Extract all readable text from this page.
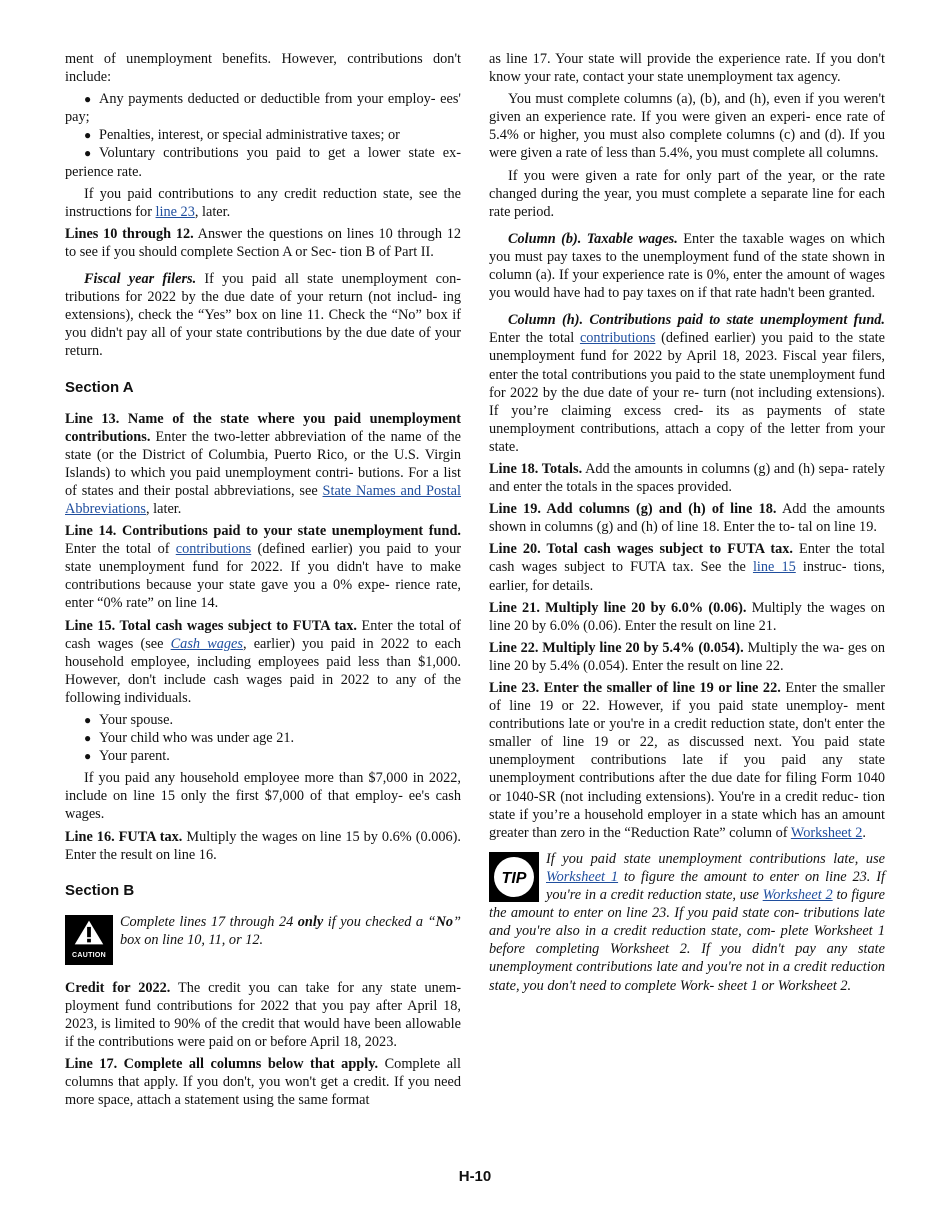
ment of unemployment benefits. However, contributions don't include:

● Any payments deducted or deductible from your employ- ees' pay;
● Penalties, interest, or special administrative taxes; or
● Voluntary contributions you paid to get a lower state ex- perience rate.

If you paid contributions to any credit reduction state, see the instructions for line 23, later.

Lines 10 through 12. Answer the questions on lines 10 through 12 to see if you should complete Section A or Sec- tion B of Part II.

Fiscal year filers. If you paid all state unemployment con- tributions for 2022 by the due date of your return (not includ- ing extensions), check the “Yes” box on line 11. Check the “No” box if you didn't pay all of your state contributions by the due date of your return.

Section A

Line 13. Name of the state where you paid unemployment contributions. Enter the two-letter abbreviation of the name of the state (or the District of Columbia, Puerto Rico, or the U.S. Virgin Islands) to which you paid unemployment contri- butions. For a list of states and their postal abbreviations, see State Names and Postal Abbreviations, later.

Line 14. Contributions paid to your state unemployment fund. Enter the total of contributions (defined earlier) you paid to your state unemployment fund for 2022. If you didn't have to make contributions because your state gave you a 0% expe- rience rate, enter “0% rate” on line 14.

Line 15. Total cash wages subject to FUTA tax. Enter the total of cash wages (see Cash wages, earlier) you paid in 2022 to each household employee, including employees paid less than $1,000. However, don't include cash wages paid in 2022 to any of the following individuals.

● Your spouse.
● Your child who was under age 21.
● Your parent.

If you paid any household employee more than $7,000 in 2022, include on line 15 only the first $7,000 of that employ- ee's cash wages.

Line 16. FUTA tax. Multiply the wages on line 15 by 0.6% (0.006). Enter the result on line 16.

Section B
CAUTION
Complete lines 17 through 24 only if you checked a “No” box on line 10, 11, or 12.

Credit for 2022. The credit you can take for any state unem- ployment fund contributions for 2022 that you pay after April 18, 2023, is limited to 90% of the credit that would have been allowable if the contributions were paid on or before April 18, 2023.

Line 17. Complete all columns below that apply. Complete all columns that apply. If you don't, you won't get a credit. If you need more space, attach a statement using the same format

as line 17. Your state will provide the experience rate. If you don't know your rate, contact your state unemployment tax agency.

You must complete columns (a), (b), and (h), even if you weren't given an experience rate. If you were given an experi- ence rate of 5.4% or higher, you must also complete columns (c) and (d). If you were given a rate of less than 5.4%, you must complete all columns.

If you were given a rate for only part of the year, or the rate changed during the year, you must complete a separate line for each rate period.

Column (b). Taxable wages. Enter the taxable wages on which you must pay taxes to the unemployment fund of the state shown in column (a). If your experience rate is 0%, enter the amount of wages you would have had to pay taxes on if that rate hadn't been granted.

Column (h). Contributions paid to state unemployment fund. Enter the total contributions (defined earlier) you paid to the state unemployment fund for 2022 by April 18, 2023. Fiscal year filers, enter the total contributions you paid to the state unemployment fund for 2022 by the due date of your re- turn (not including extensions). If you’re claiming excess cred- its as payments of state unemployment contributions, attach a copy of the letter from your state.

Line 18. Totals. Add the amounts in columns (g) and (h) sepa- rately and enter the totals in the spaces provided.

Line 19. Add columns (g) and (h) of line 18. Add the amounts shown in columns (g) and (h) of line 18. Enter the to- tal on line 19.

Line 20. Total cash wages subject to FUTA tax. Enter the total cash wages subject to FUTA tax. See the line 15 instruc- tions, earlier, for details.

Line 21. Multiply line 20 by 6.0% (0.06). Multiply the wages on line 20 by 6.0% (0.06). Enter the result on line 21.

Line 22. Multiply line 20 by 5.4% (0.054). Multiply the wa- ges on line 20 by 5.4% (0.054). Enter the result on line 22.

Line 23. Enter the smaller of line 19 or line 22. Enter the smaller of line 19 or 22. However, if you paid state unemploy- ment contributions late or you're in a credit reduction state, don't enter the smaller of line 19 or 22, as discussed next. You paid state unemployment contributions late if you paid any state unemployment contributions after the due date for filing Form 1040 or 1040-SR (not including extensions). You're in a credit reduc- tion state if you’re a household employer in a state which has an amount greater than zero in the “Reduction Rate” column of Worksheet 2.

TIP
If you paid state unemployment contributions late, use Worksheet 1 to figure the amount to enter on line 23. If you're in a credit reduction state, use Worksheet 2 to figure the amount to enter on line 23. If you paid state con- tributions late and you're also in a credit reduction state, com- plete Worksheet 1 before completing Worksheet 2. If you didn't pay any state unemployment contributions late and you're not in a credit reduction state, you don't need to complete Work- sheet 1 or Worksheet 2.
H-10
